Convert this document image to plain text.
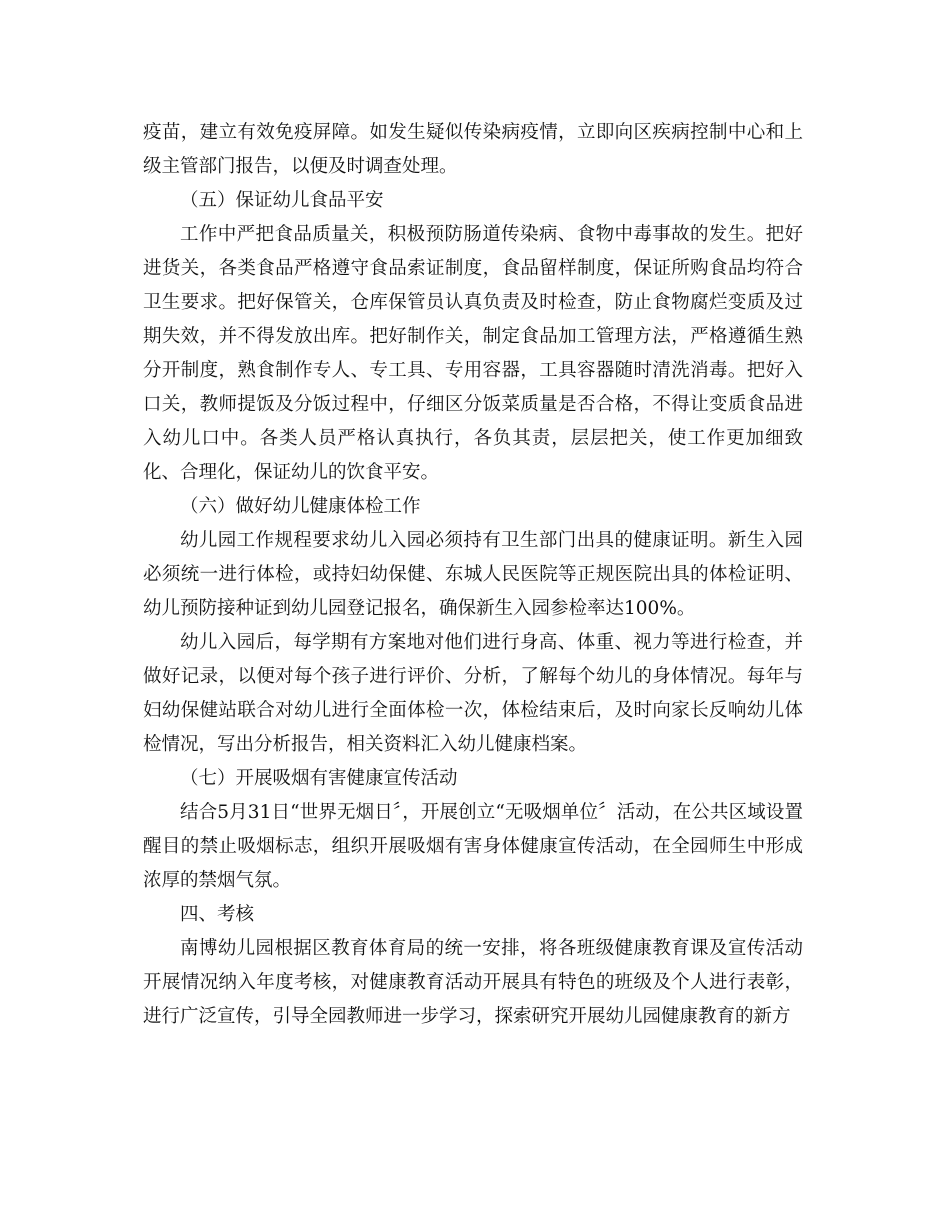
疫苗，建立有效免疫屏障。如发生疑似传染病疫情，立即向区疾病控制中心和上级主管部门报告，以便及时调查处理。

（五）保证幼儿食品平安

工作中严把食品质量关，积极预防肠道传染病、食物中毒事故的发生。把好进货关，各类食品严格遵守食品索证制度，食品留样制度，保证所购食品均符合卫生要求。把好保管关，仓库保管员认真负责及时检查，防止食物腐烂变质及过期失效，并不得发放出库。把好制作关，制定食品加工管理方法，严格遵循生熟分开制度，熟食制作专人、专工具、专用容器，工具容器随时清洗消毒。把好入口关，教师提饭及分饭过程中，仔细区分饭菜质量是否合格，不得让变质食品进入幼儿口中。各类人员严格认真执行，各负其责，层层把关，使工作更加细致化、合理化，保证幼儿的饮食平安。

（六）做好幼儿健康体检工作

幼儿园工作规程要求幼儿入园必须持有卫生部门出具的健康证明。新生入园必须统一进行体检，或持妇幼保健、东城人民医院等正规医院出具的体检证明、幼儿预防接种证到幼儿园登记报名，确保新生入园参检率达100%。

幼儿入园后，每学期有方案地对他们进行身高、体重、视力等进行检查，并做好记录，以便对每个孩子进行评价、分析，了解每个幼儿的身体情况。每年与妇幼保健站联合对幼儿进行全面体检一次，体检结束后，及时向家长反响幼儿体检情况，写出分析报告，相关资料汇入幼儿健康档案。

（七）开展吸烟有害健康宣传活动

结合5月31日“世界无烟日〞，开展创立“无吸烟单位〞活动，在公共区域设置醒目的禁止吸烟标志，组织开展吸烟有害身体健康宣传活动，在全园师生中形成浓厚的禁烟气氛。

四、考核

南博幼儿园根据区教育体育局的统一安排，将各班级健康教育课及宣传活动开展情况纳入年度考核，对健康教育活动开展具有特色的班级及个人进行表彰，进行广泛宣传，引导全园教师进一步学习，探索研究开展幼儿园健康教育的新方
